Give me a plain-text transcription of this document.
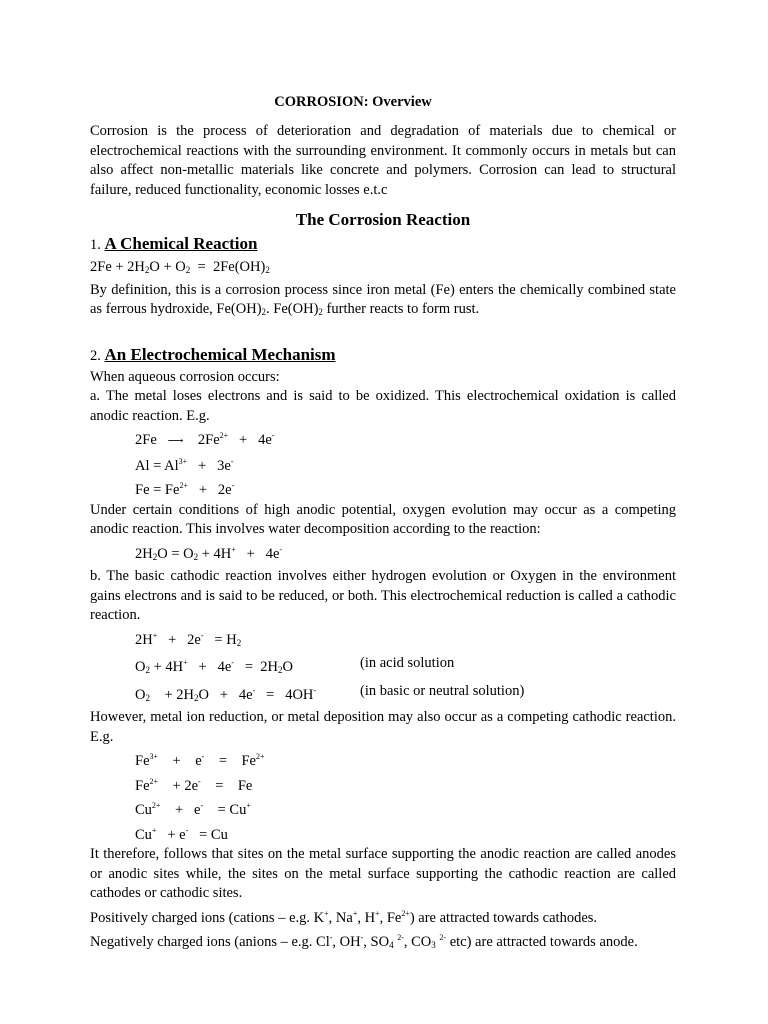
CORROSION: Overview

Corrosion is the process of deterioration and degradation of materials due to chemical or electrochemical reactions with the surrounding environment. It commonly occurs in metals but can also affect non-metallic materials like concrete and polymers. Corrosion can lead to structural failure, reduced functionality, economic losses e.t.c

The Corrosion Reaction
1. A Chemical Reaction
$2Fe + 2H_2O + O_2 = 2Fe(OH)_2$

By definition, this is a corrosion process since iron metal (Fe) enters the chemically combined state as ferrous hydroxide, $Fe(OH)_2$. $Fe(OH)_2$ further reacts to form rust.

2. An Electrochemical Mechanism

When aqueous corrosion occurs:

a. The metal loses electrons and is said to be oxidized. This electrochemical oxidation is called anodic reaction. E.g.

2Fe   ⟶    $2Fe^{2+} + 4e^-$
$Al = Al^{3+} + 3e^-$
$Fe = Fe^{2+} + 2e^-$

Under certain conditions of high anodic potential, oxygen evolution may occur as a competing anodic reaction. This involves water decomposition according to the reaction:

$2H_2O = O_2 + 4H^+ + 4e^-$

b. The basic cathodic reaction involves either hydrogen evolution or Oxygen in the environment gains electrons and is said to be reduced, or both. This electrochemical reduction is called a cathodic reaction.

$2H^+ + 2e^- = H_2$
$O_2 + 4H^+ + 4e^- = 2H_2O$	(in acid solution
$O_2$    + $2H_2O + 4e^- = 4OH^-$	(in basic or neutral solution)

However, metal ion reduction, or metal deposition may also occur as a competing cathodic reaction. E.g.

$Fe^{3+}$    +    e-    =    $Fe^{2+}$
$Fe^{2+}$    + 2e-    =    Fe
$Cu^{2+}$    +   e-    = Cu+
Cu+   + e-   = Cu

It therefore, follows that sites on the metal surface supporting the anodic reaction are called anodes or anodic sites while, the sites on the metal surface supporting the cathodic reaction are called cathodes or cathodic sites.

Positively charged ions (cations – e.g. K+, Na+, H+, $Fe^{2+}$) are attracted towards cathodes.

Negatively charged ions (anions – e.g. Cl-, OH-, $SO_4$ $^{2-}$, $CO_3$ $^{2-}$ etc) are attracted towards anode.
